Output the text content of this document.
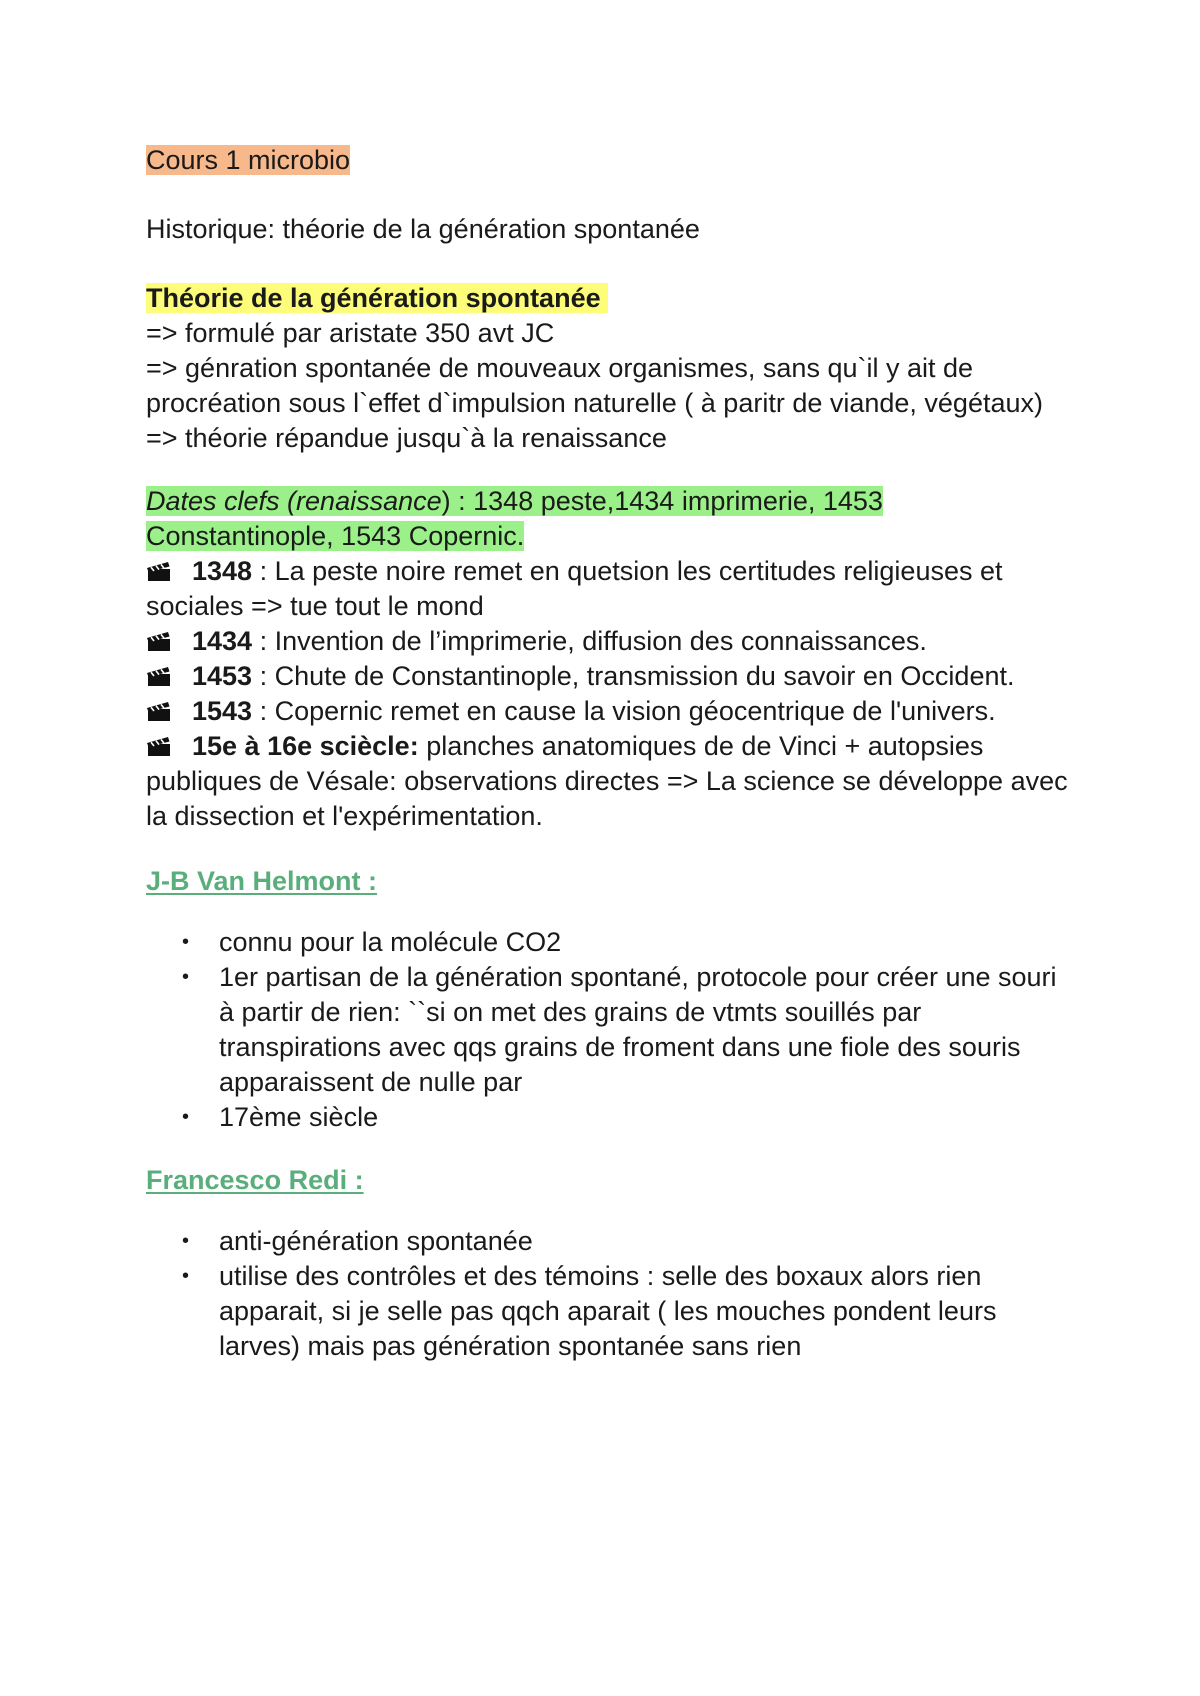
Cours 1 microbio

Historique: théorie de la génération spontanée

Théorie de la génération spontanée

=> formulé par aristate 350 avt JC

=> génration spontanée de mouveaux organismes, sans qu`il y ait de procréation sous l`effet d`impulsion naturelle ( à paritr de viande, végétaux)

=> théorie répandue jusqu`à la renaissance

Dates clefs (renaissance) : 1348 peste,1434 imprimerie, 1453 Constantinople, 1543 Copernic.

1348 : La peste noire remet en quetsion les certitudes religieuses et sociales => tue tout le mond

1434 : Invention de l’imprimerie, diffusion des connaissances.

1453 : Chute de Constantinople, transmission du savoir en Occident.

1543 : Copernic remet en cause la vision géocentrique de l'univers.

15e à 16e scièc​le: planches anatomiques de de Vinci + autopsies publiques de Vésale: observations directes => La science se développe avec la dissection et l'expérimentation.

J-B Van Helmont :

• connu pour la molécule CO2
• 1er partisan de la génération spontané, protocole pour créer une souri à partir de rien: ``si on met des grains de vtmts souillés par transpirations avec qqs grains de froment dans une fiole des souris apparaissent de nulle par
• 17ème siècle

Francesco Redi :

• anti-génération spontanée
• utilise des contrôles et des témoins : selle des boxaux alors rien apparait, si je selle pas qqch aparait ( les mouches pondent leurs larves) mais pas génération spontanée sans rien
